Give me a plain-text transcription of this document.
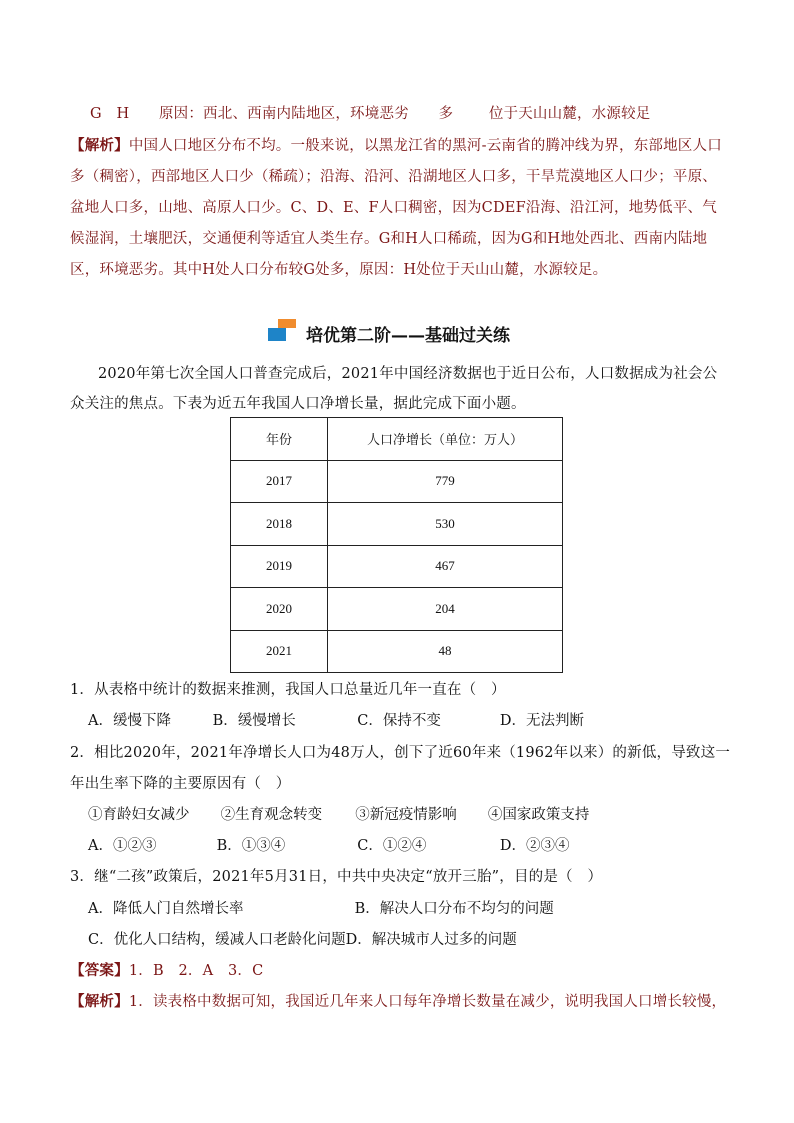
G　H 原因：西北、西南内陆地区，环境恶劣 多 位于天山山麓，水源较足
【解析】中国人口地区分布不均。一般来说，以黑龙江省的黑河-云南省的腾冲线为界，东部地区人口
多（稠密），西部地区人口少（稀疏）；沿海、沿河、沿湖地区人口多，干旱荒漠地区人口少；平原、
盆地人口多，山地、高原人口少。C、D、E、F人口稠密，因为CDEF沿海、沿江河，地势低平、气
候湿润，土壤肥沃，交通便利等适宜人类生存。G和H人口稀疏，因为G和H地处西北、西南内陆地
区，环境恶劣。其中H处人口分布较G处多，原因：H处位于天山山麓，水源较足。
培优第二阶——基础过关练
2020年第七次全国人口普查完成后，2021年中国经济数据也于近日公布，人口数据成为社会公
众关注的焦点。下表为近五年我国人口净增长量，据此完成下面小题。
年份	人口净增长（单位：万人）
2017	779
2018	530
2019	467
2020	204
2021	48
1．从表格中统计的数据来推测，我国人口总量近几年一直在（　）
A．缓慢下降	B．缓慢增长	C．保持不变	D．无法判断
2．相比2020年，2021年净增长人口为48万人，创下了近60年来（1962年以来）的新低，导致这一
年出生率下降的主要原因有（　）
①育龄妇女减少 ②生育观念转变 ③新冠疫情影响 ④国家政策支持
A．①②③	B．①③④	C．①②④	D．②③④
3．继“二孩”政策后，2021年5月31日，中共中央决定“放开三胎”，目的是（　）
A．降低人门自然增长率	B．解决人口分布不均匀的问题
C．优化人口结构，缓减人口老龄化问题D．解决城市人过多的问题
【答案】1．B　2．A　3．C
【解析】1．读表格中数据可知，我国近几年来人口每年净增长数量在减少，说明我国人口增长较慢，
